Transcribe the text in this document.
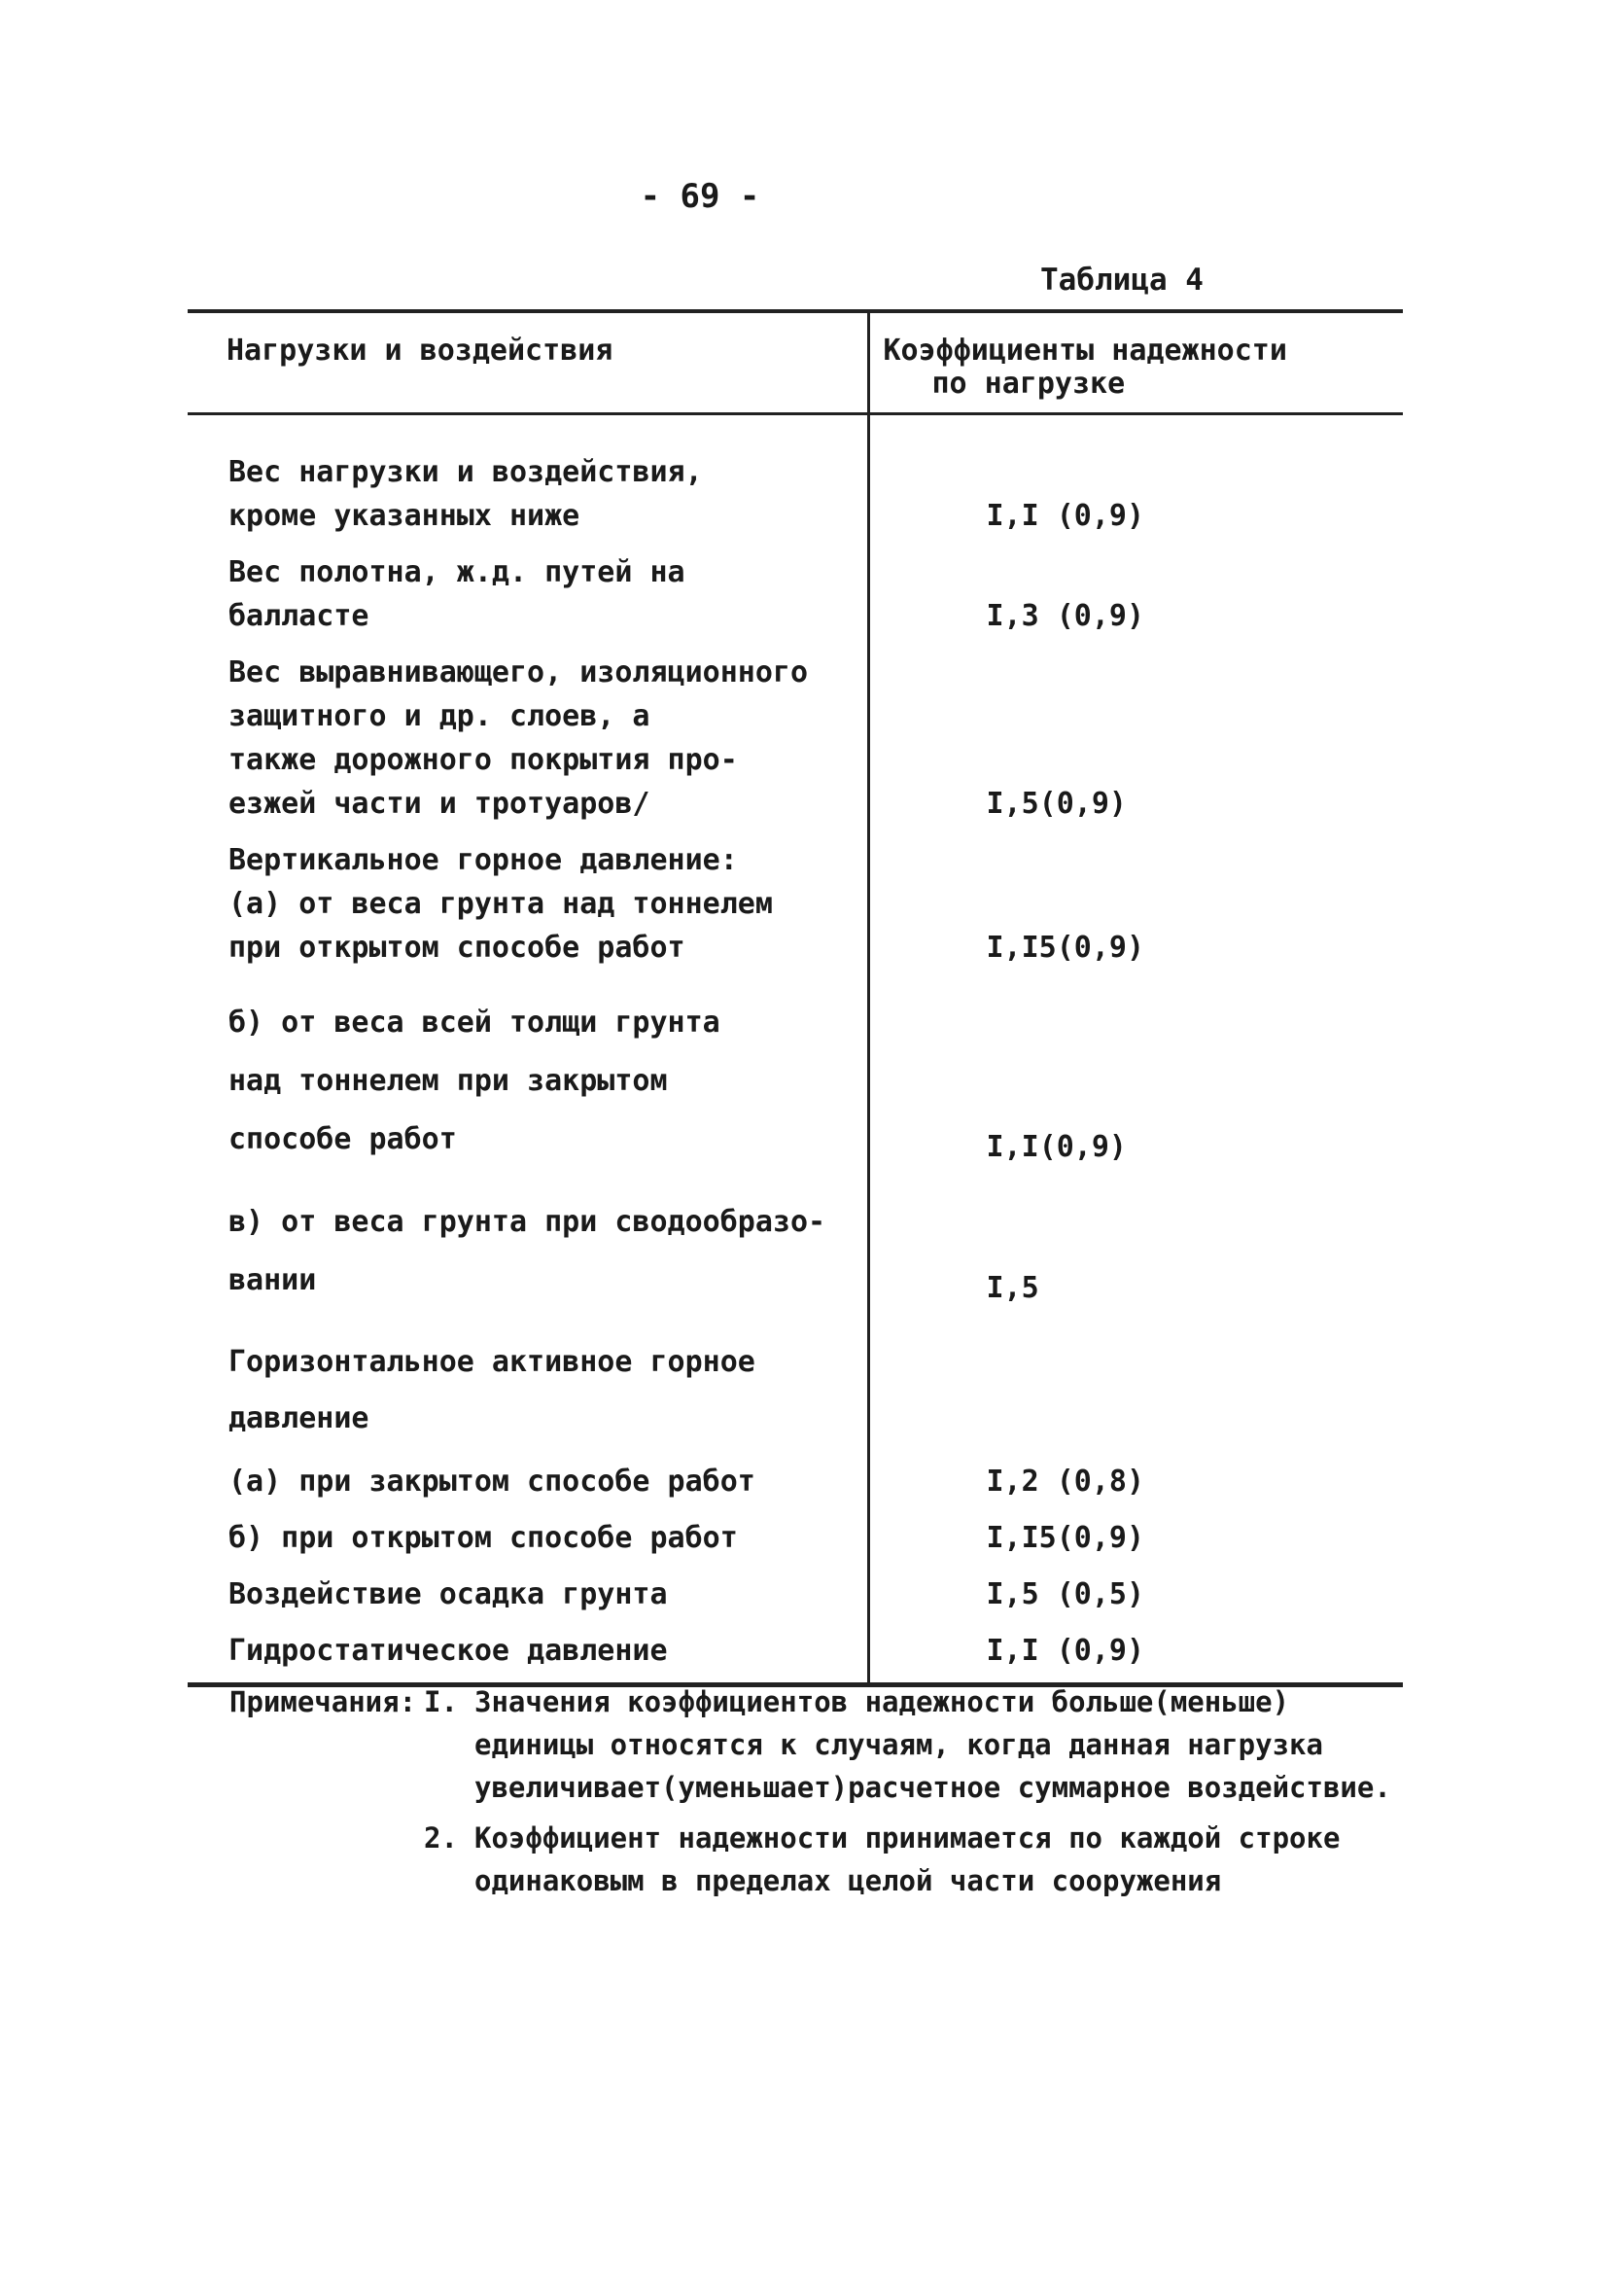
- 69 -
Таблица 4
Нагрузки и воздействия	Коэффициенты надежности
по нагрузке

Вес нагрузки и воздействия,
кроме указанных ниже	I,I (0,9)
Вес полотна, ж.д. путей на
балласте	I,3 (0,9)
Вес выравнивающего, изоляционного защитного и др. слоев, а
также дорожного покрытия про-
езжей части и тротуаров/	I,5(0,9)
Вертикальное горное давление:
(а) от веса грунта над тоннелем
при открытом способе работ	I,I5(0,9)
б) от веса всей толщи грунта
над тоннелем при закрытом
способе работ	I,I(0,9)
в) от веса грунта при сводообразо-
вании	I,5
Горизонтальное активное горное
давление	
(а) при закрытом способе работ	I,2 (0,8)
б) при открытом способе работ	I,I5(0,9)
Воздействие осадка грунта	I,5 (0,5)
Гидростатическое давление	I,I (0,9)
Примечания: I. Значения коэффициентов надежности больше(меньше) единицы относятся к случаям, когда данная нагрузка увеличивает(уменьшает)расчетное суммарное воздействие.
2. Коэффициент надежности принимается по каждой строке одинаковым в пределах целой части сооружения
